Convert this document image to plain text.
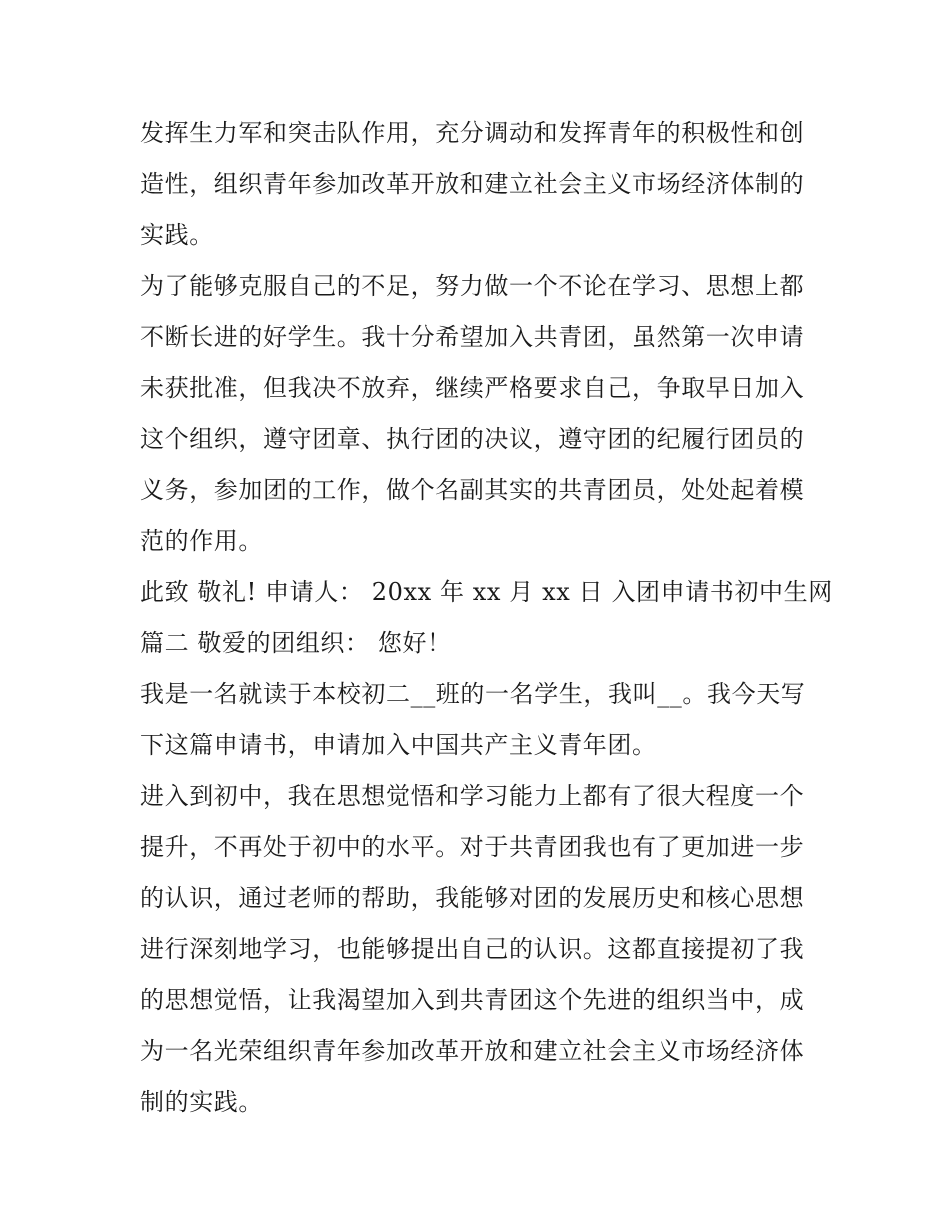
发挥生力军和突击队作用，充分调动和发挥青年的积极性和创
造性，组织青年参加改革开放和建立社会主义市场经济体制的
实践。
为了能够克服自己的不足，努力做一个不论在学习、思想上都
不断长进的好学生。我十分希望加入共青团，虽然第一次申请
未获批准，但我决不放弃，继续严格要求自己，争取早日加入
这个组织，遵守团章、执行团的决议，遵守团的纪履行团员的
义务，参加团的工作，做个名副其实的共青团员，处处起着模
范的作用。
此致 敬礼! 申请人： 20xx 年 xx 月 xx 日 入团申请书初中生网
篇二 敬爱的团组织： 您好！
我是一名就读于本校初二__班的一名学生，我叫__。我今天写
下这篇申请书，申请加入中国共产主义青年团。
进入到初中，我在思想觉悟和学习能力上都有了很大程度一个
提升，不再处于初中的水平。对于共青团我也有了更加进一步
的认识，通过老师的帮助，我能够对团的发展历史和核心思想
进行深刻地学习，也能够提出自己的认识。这都直接提初了我
的思想觉悟，让我渴望加入到共青团这个先进的组织当中，成
为一名光荣组织青年参加改革开放和建立社会主义市场经济体
制的实践。
